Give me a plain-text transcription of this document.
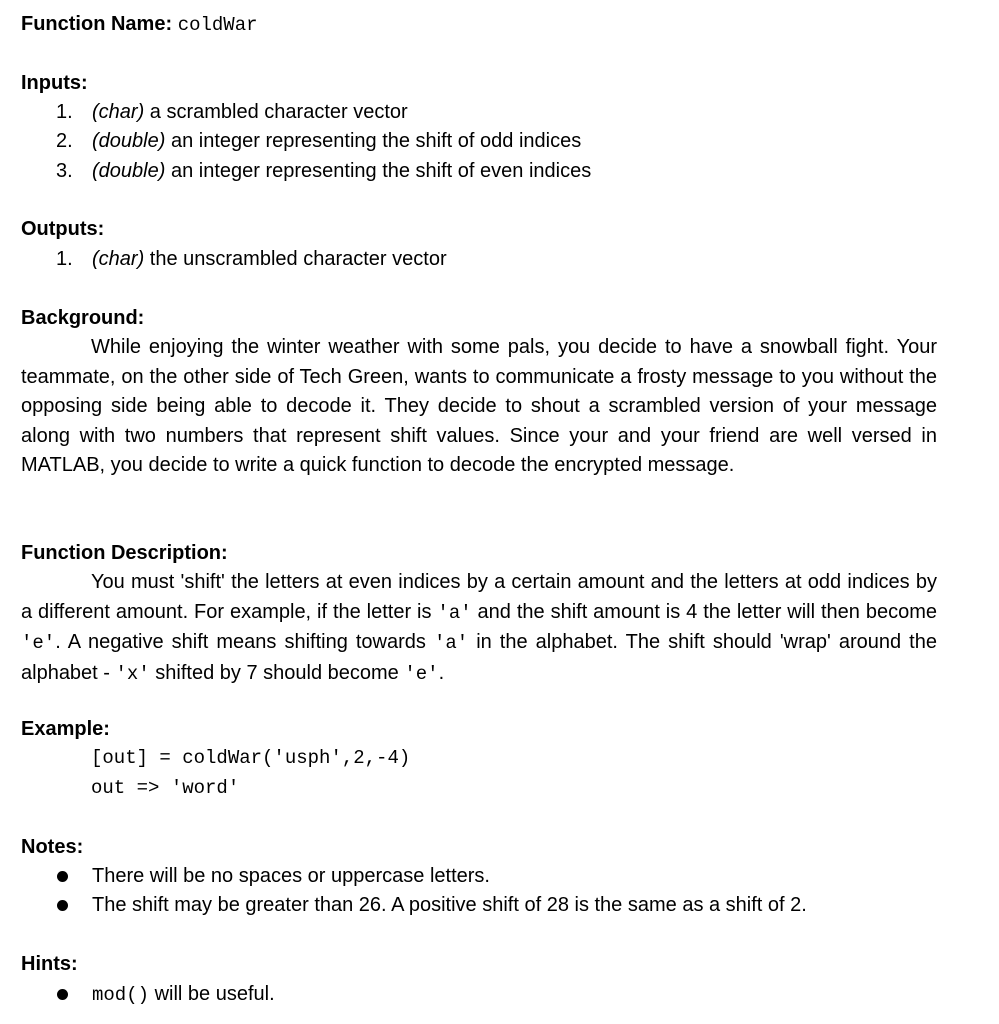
Function Name: coldWar
Inputs:
1. (char) a scrambled character vector
2. (double) an integer representing the shift of odd indices
3. (double) an integer representing the shift of even indices
Outputs:
1. (char) the unscrambled character vector
Background:
While enjoying the winter weather with some pals, you decide to have a snowball fight. Your teammate, on the other side of Tech Green, wants to communicate a frosty message to you without the opposing side being able to decode it. They decide to shout a scrambled version of your message along with two numbers that represent shift values. Since your and your friend are well versed in MATLAB, you decide to write a quick function to decode the encrypted message.
Function Description:
You must 'shift' the letters at even indices by a certain amount and the letters at odd indices by a different amount. For example, if the letter is 'a' and the shift amount is 4 the letter will then become 'e'. A negative shift means shifting towards 'a' in the alphabet. The shift should 'wrap' around the alphabet - 'x' shifted by 7 should become 'e'.
Example:
[out] = coldWar('usph',2,-4)
out => 'word'
Notes:
There will be no spaces or uppercase letters.
The shift may be greater than 26. A positive shift of 28 is the same as a shift of 2.
Hints:
mod() will be useful.
